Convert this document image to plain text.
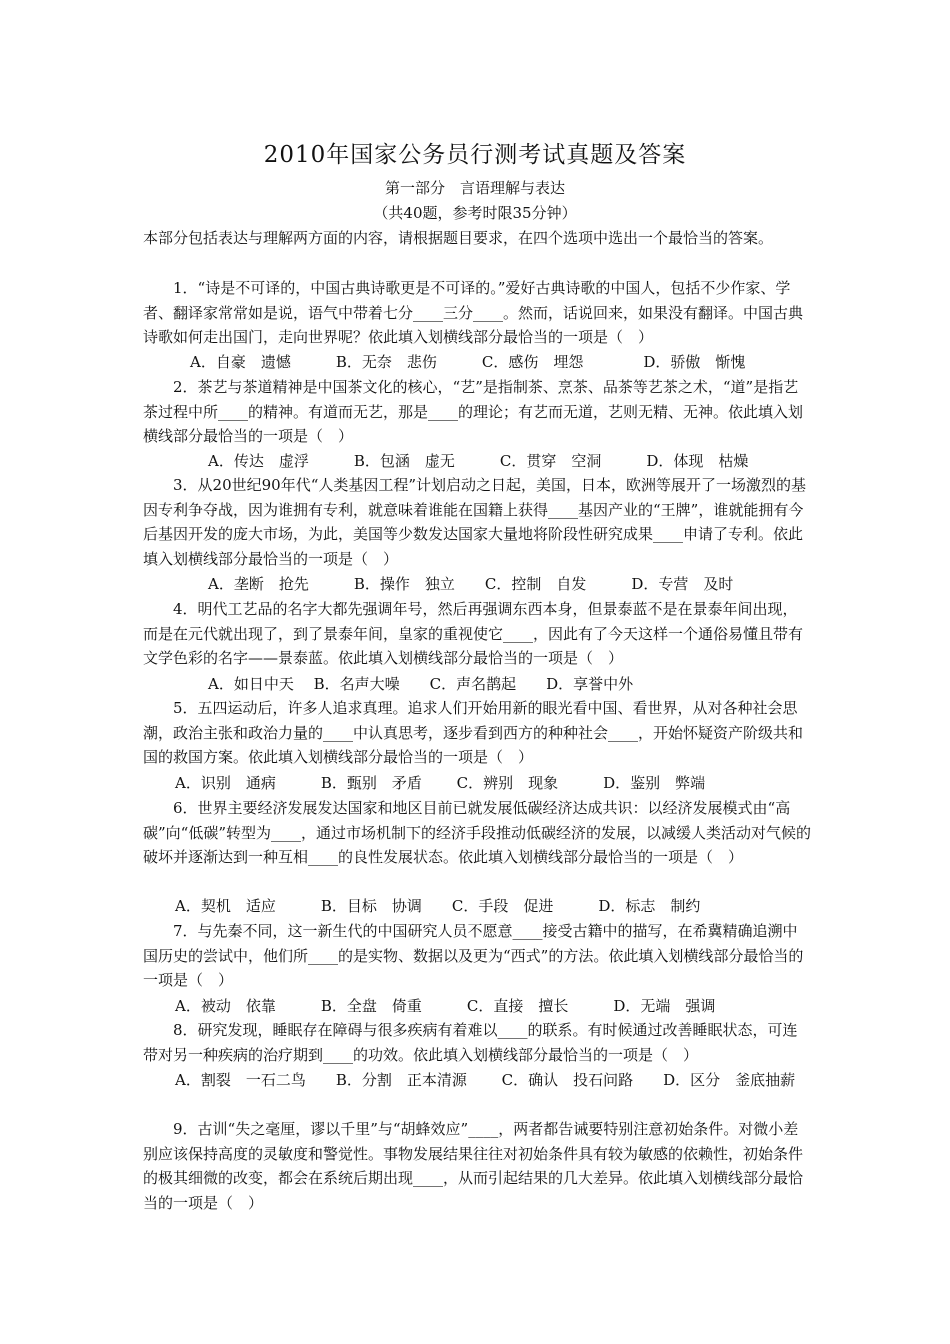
2010年国家公务员行测考试真题及答案
第一部分　言语理解与表达
（共40题，参考时限35分钟）
本部分包括表达与理解两方面的内容，请根据题目要求，在四个选项中选出一个最恰当的答案。
1．“诗是不可译的，中国古典诗歌更是不可译的。”爱好古典诗歌的中国人，包括不少作家、学者、翻译家常常如是说，语气中带着七分____三分____。然而，话说回来，如果没有翻译。中国古典诗歌如何走出国门，走向世界呢？依此填入划横线部分最恰当的一项是（　）
A．自豪　遗憾　　　B．无奈　悲伤　　　C．感伤　埋怨　　　　D．骄傲　惭愧
2．茶艺与茶道精神是中国茶文化的核心，“艺”是指制茶、烹茶、品茶等艺茶之术，“道”是指艺茶过程中所____的精神。有道而无艺，那是____的理论；有艺而无道，艺则无精、无神。依此填入划横线部分最恰当的一项是（　）
A．传达　虚浮　　　B．包涵　虚无　　　C．贯穿　空洞　　　D．体现　枯燥
3．从20世纪90年代“人类基因工程”计划启动之日起，美国，日本，欧洲等展开了一场激烈的基因专利争夺战，因为谁拥有专利，就意味着谁能在国籍上获得____基因产业的“王牌”，谁就能拥有今后基因开发的庞大市场，为此，美国等少数发达国家大量地将阶段性研究成果____申请了专利。依此填入划横线部分最恰当的一项是（　）
A．垄断　抢先　　　B．操作　独立　　C．控制　自发　　　D．专营　及时
4．明代工艺品的名字大都先强调年号，然后再强调东西本身，但景泰蓝不是在景泰年间出现，而是在元代就出现了，到了景泰年间，皇家的重视使它____，因此有了今天这样一个通俗易懂且带有文学色彩的名字——景泰蓝。依此填入划横线部分最恰当的一项是（　）
A．如日中天　 B．名声大噪　　C．声名鹊起　　D．享誉中外
5．五四运动后，许多人追求真理。追求人们开始用新的眼光看中国、看世界，从对各种社会思潮，政治主张和政治力量的____中认真思考，逐步看到西方的种种社会____，开始怀疑资产阶级共和国的救国方案。依此填入划横线部分最恰当的一项是（　）
A．识别　通病　　　B．甄别　矛盾　　 C．辨别　现象　　　D．鉴别　弊端
6．世界主要经济发展发达国家和地区目前已就发展低碳经济达成共识：以经济发展模式由“高碳”向“低碳”转型为____，通过市场机制下的经济手段推动低碳经济的发展，以减缓人类活动对气候的破坏并逐渐达到一种互相____的良性发展状态。依此填入划横线部分最恰当的一项是（　）
A．契机　适应　　　B．目标　协调　　C．手段　促进　　　D．标志　制约
7．与先秦不同，这一新生代的中国研究人员不愿意____接受古籍中的描写，在希冀精确追溯中国历史的尝试中，他们所____的是实物、数据以及更为“西式”的方法。依此填入划横线部分最恰当的一项是（　）
A．被动　依靠　　　B．全盘　倚重　　　C．直接　擅长　　　D．无端　强调
8．研究发现，睡眠存在障碍与很多疾病有着难以____的联系。有时候通过改善睡眠状态，可连带对另一种疾病的治疗期到____的功效。依此填入划横线部分最恰当的一项是（　）
A．割裂　一石二鸟　　B．分割　正本清源　　 C．确认　投石问路　　D．区分　釜底抽薪
9．古训“失之毫厘，谬以千里”与“胡蜂效应”____，两者都告诫要特别注意初始条件。对微小差别应该保持高度的灵敏度和警觉性。事物发展结果往往对初始条件具有较为敏感的依赖性，初始条件的极其细微的改变，都会在系统后期出现____，从而引起结果的几大差异。依此填入划横线部分最恰当的一项是（　）
